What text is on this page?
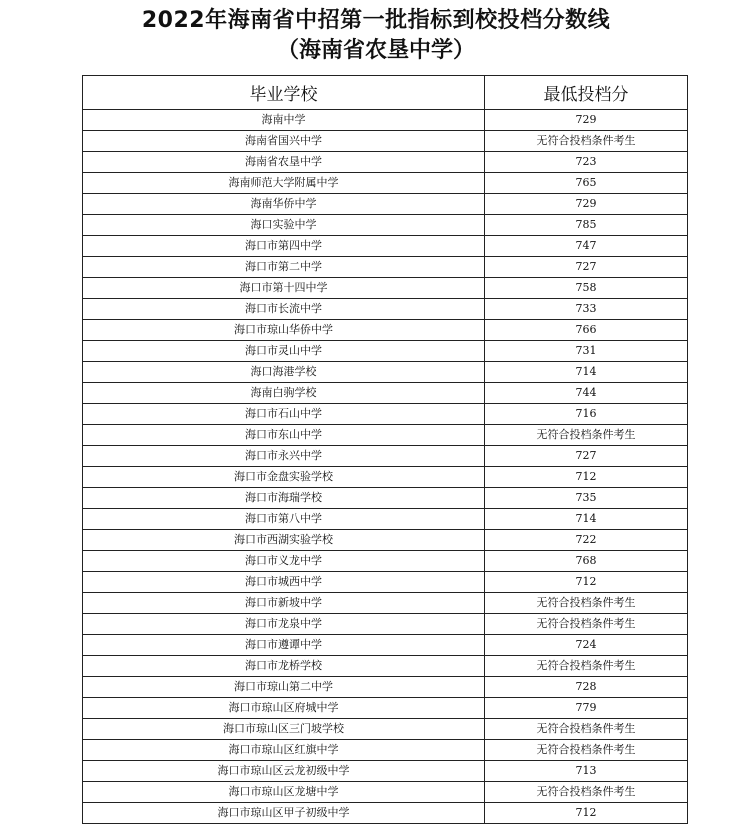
2022年海南省中招第一批指标到校投档分数线
（海南省农垦中学）
毕业学校	最低投档分
海南中学	729
海南省国兴中学	无符合投档条件考生
海南省农垦中学	723
海南师范大学附属中学	765
海南华侨中学	729
海口实验中学	785
海口市第四中学	747
海口市第二中学	727
海口市第十四中学	758
海口市长流中学	733
海口市琼山华侨中学	766
海口市灵山中学	731
海口海港学校	714
海南白驹学校	744
海口市石山中学	716
海口市东山中学	无符合投档条件考生
海口市永兴中学	727
海口市金盘实验学校	712
海口市海瑞学校	735
海口市第八中学	714
海口市西湖实验学校	722
海口市义龙中学	768
海口市城西中学	712
海口市新坡中学	无符合投档条件考生
海口市龙泉中学	无符合投档条件考生
海口市遵谭中学	724
海口市龙桥学校	无符合投档条件考生
海口市琼山第二中学	728
海口市琼山区府城中学	779
海口市琼山区三门坡学校	无符合投档条件考生
海口市琼山区红旗中学	无符合投档条件考生
海口市琼山区云龙初级中学	713
海口市琼山区龙塘中学	无符合投档条件考生
海口市琼山区甲子初级中学	712
